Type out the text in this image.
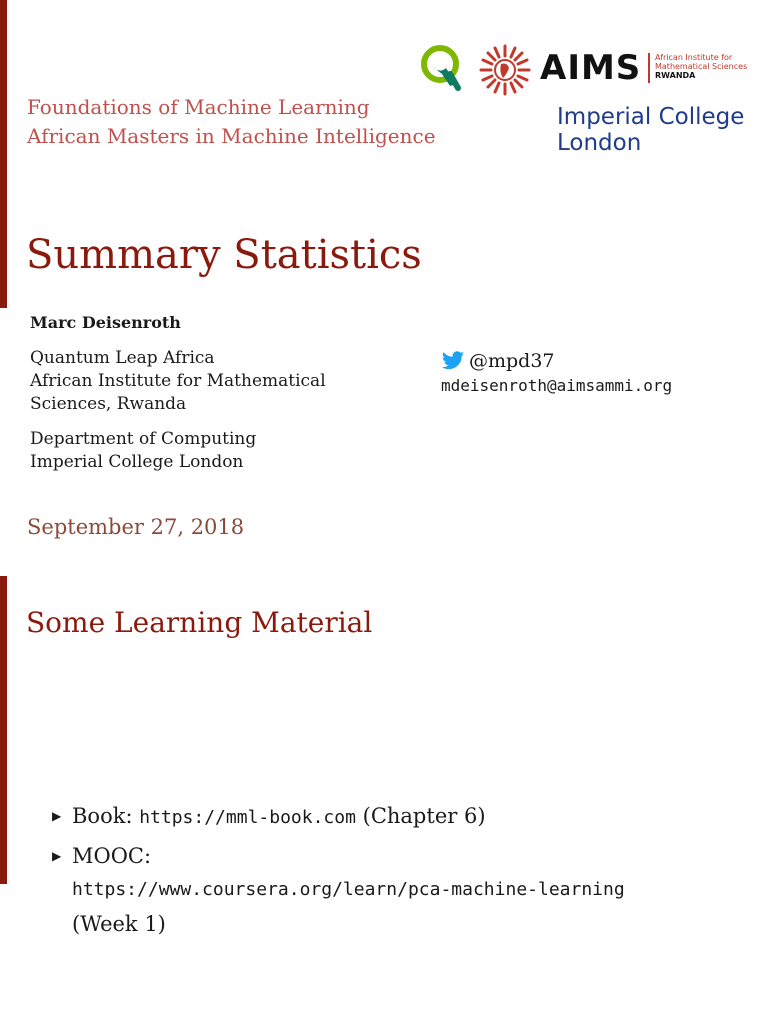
Foundations of Machine Learning
African Masters in Machine Intelligence
AIMS African Institute for
Mathematical Sciences
RWANDA
Imperial College
London
Summary Statistics
Marc Deisenroth
Quantum Leap Africa
African Institute for Mathematical
Sciences, Rwanda
Department of Computing
Imperial College London
@mpd37
mdeisenroth@aimsammi.org
September 27, 2018
Some Learning Material
▶ Book: https://mml-book.com (Chapter 6)
▶ MOOC:
https://www.coursera.org/learn/pca-machine-learning
(Week 1)
